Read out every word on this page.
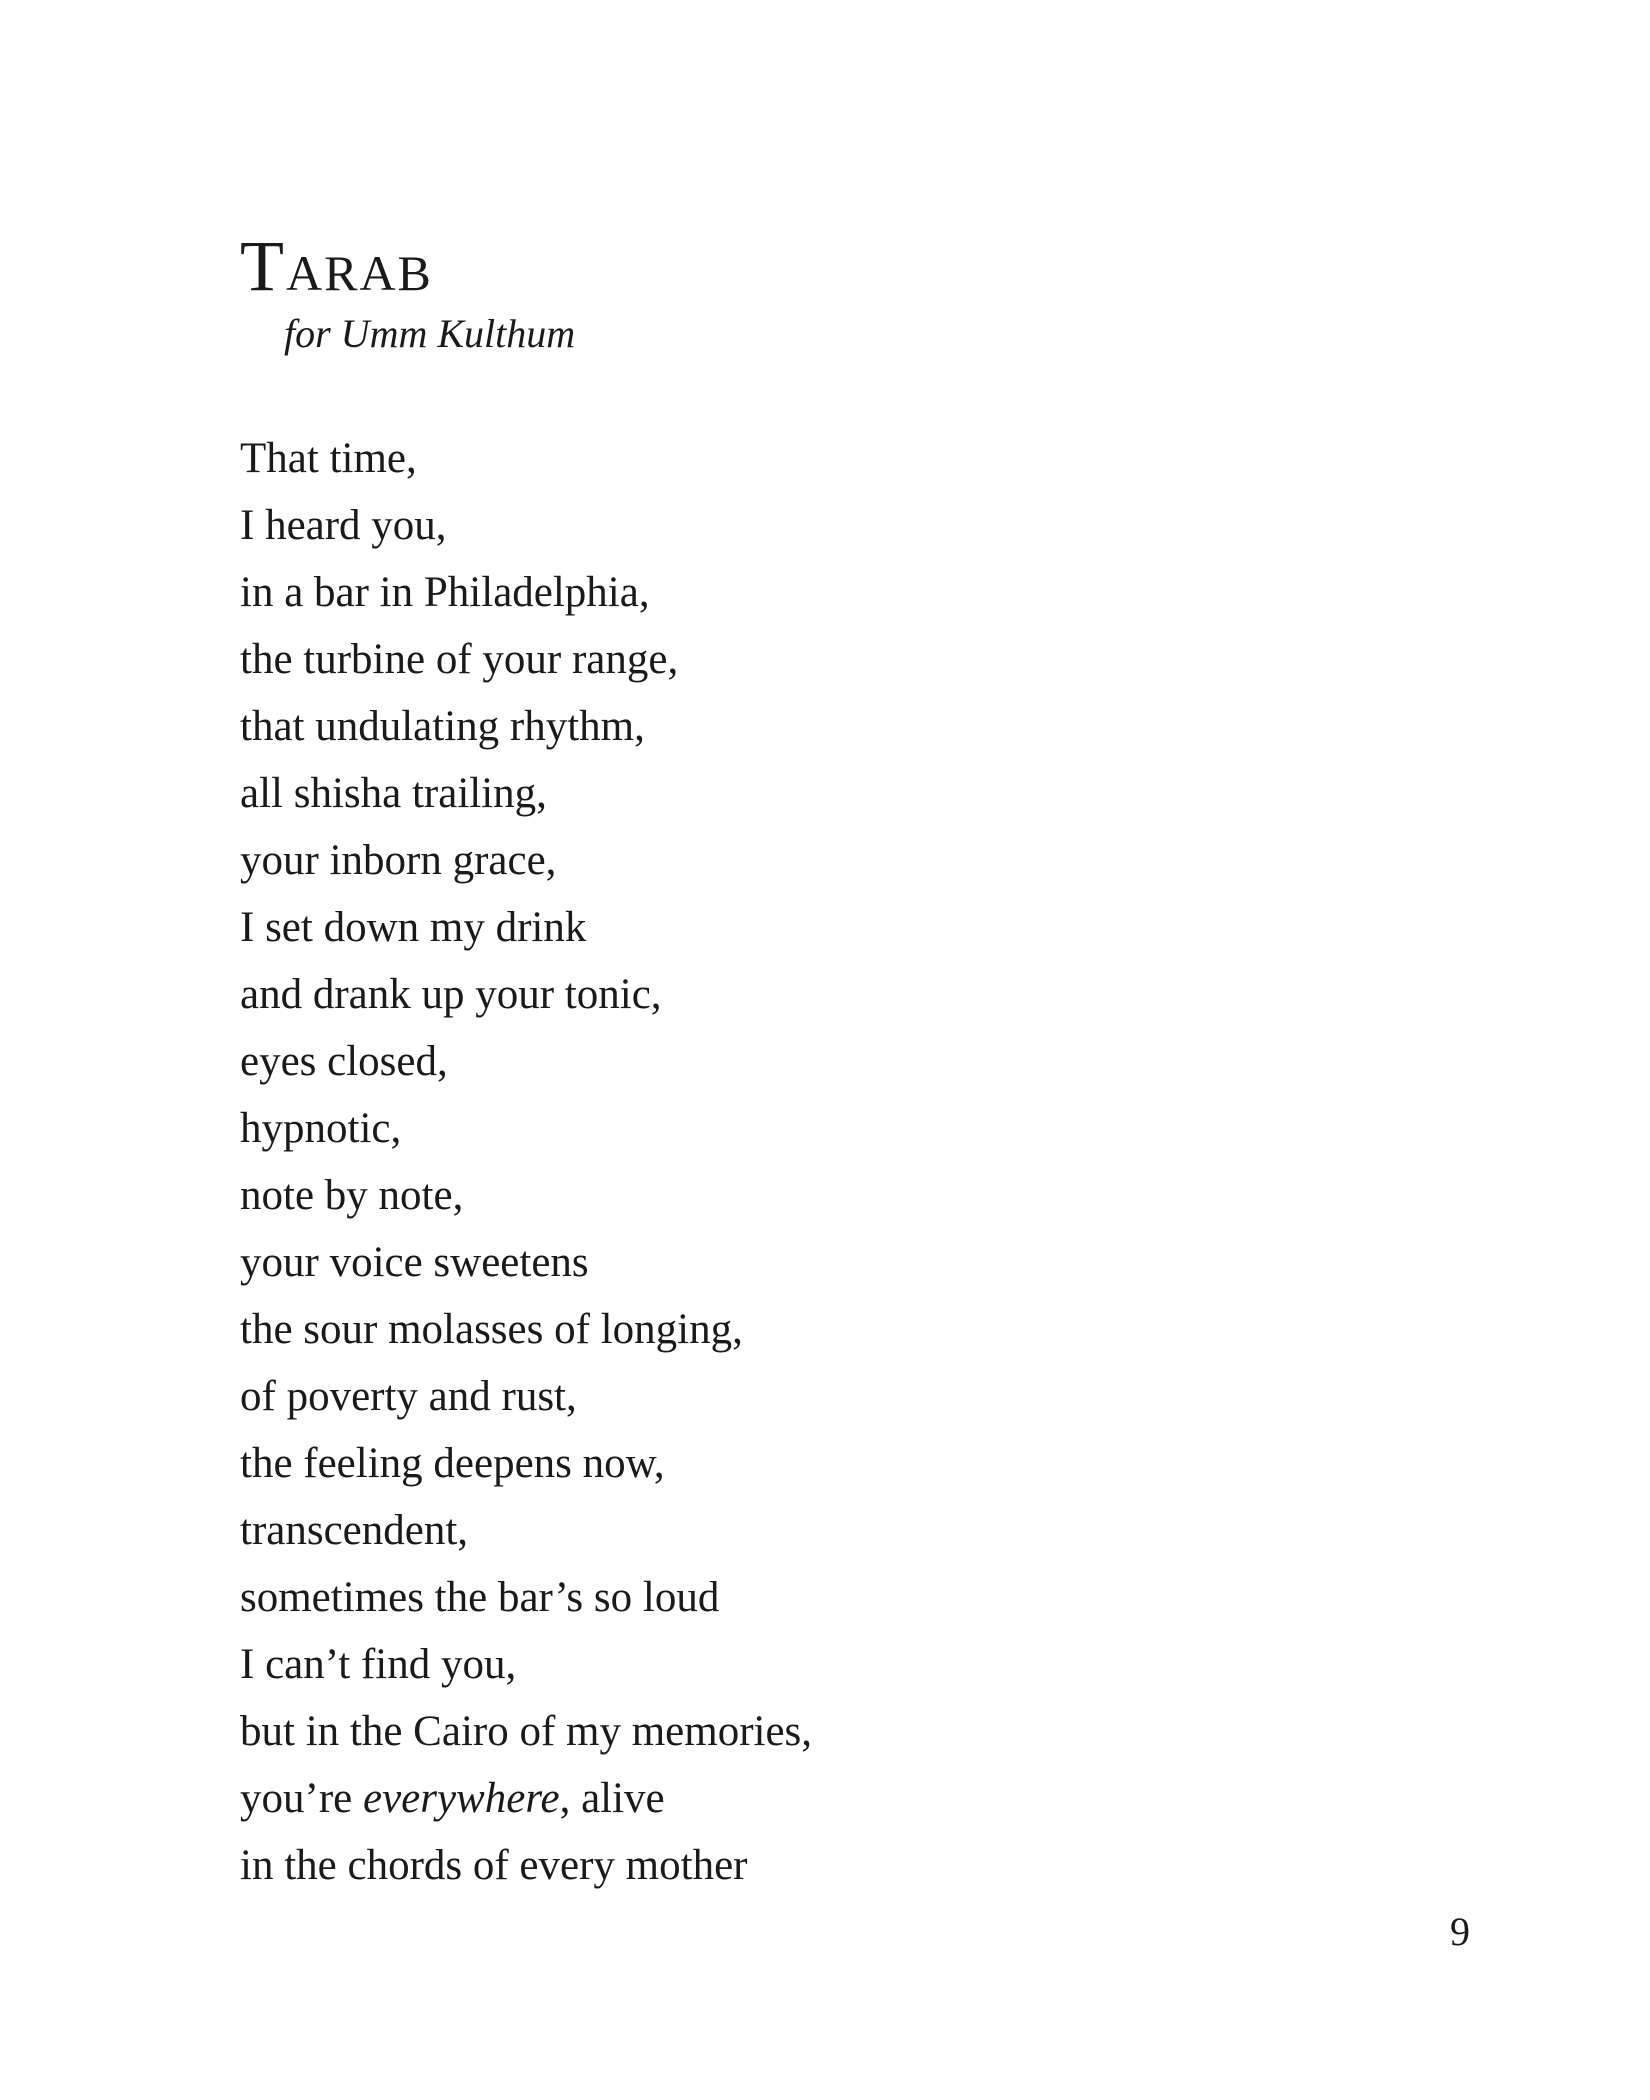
Tarab
for Umm Kulthum
That time,
I heard you,
in a bar in Philadelphia,
the turbine of your range,
that undulating rhythm,
all shisha trailing,
your inborn grace,
I set down my drink
and drank up your tonic,
eyes closed,
hypnotic,
note by note,
your voice sweetens
the sour molasses of longing,
of poverty and rust,
the feeling deepens now,
transcendent,
sometimes the bar’s so loud
I can’t find you,
but in the Cairo of my memories,
you’re everywhere, alive
in the chords of every mother
9
